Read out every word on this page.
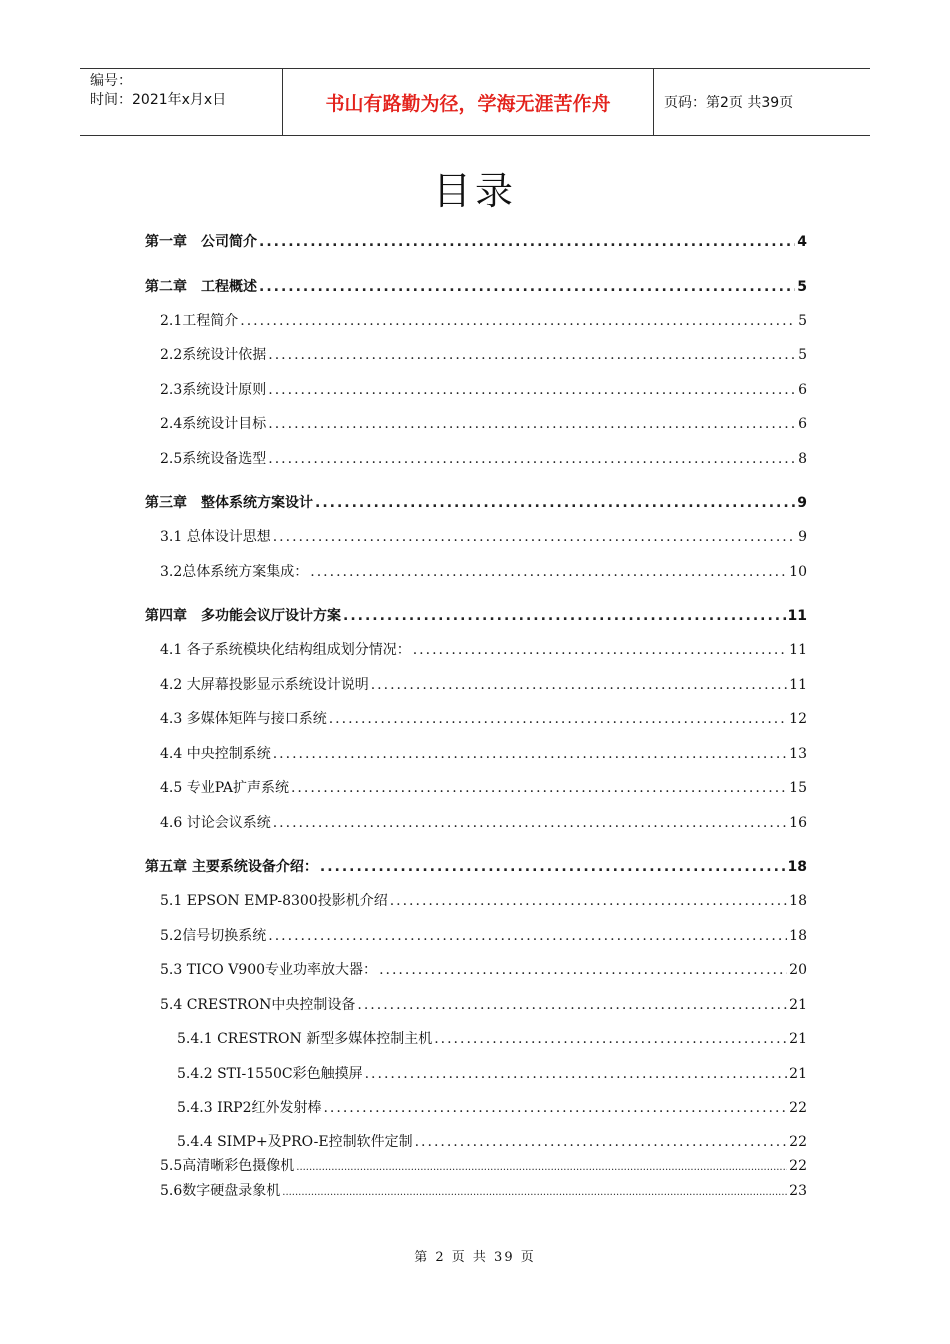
编号：
时间：2021年x月x日	书山有路勤为径，学海无涯苦作舟	页码：第2页 共39页
目录
第一章　公司简介 .....	4
第二章　工程概述 .....	5
2.1工程简介 .....	5
2.2系统设计依据 .....	5
2.3系统设计原则 .....	6
2.4系统设计目标 .....	6
2.5系统设备选型 .....	8
第三章　整体系统方案设计 .....	9
3.1 总体设计思想 .....	9
3.2总体系统方案集成： .....	10
第四章　多功能会议厅设计方案 .....	11
4.1 各子系统模块化结构组成划分情况： .....	11
4.2 大屏幕投影显示系统设计说明 .....	11
4.3 多媒体矩阵与接口系统 .....	12
4.4 中央控制系统 .....	13
4.5 专业PA扩声系统 .....	15
4.6 讨论会议系统 .....	16
第五章 主要系统设备介绍： .....	18
5.1 EPSON EMP-8300投影机介绍 .....	18
5.2信号切换系统 .....	18
5.3 TICO V900专业功率放大器： .....	20
5.4 CRESTRON中央控制设备 .....	21
5.4.1 CRESTRON 新型多媒体控制主机 .....	21
5.4.2 STI-1550C彩色触摸屏 .....	21
5.4.3 IRP2红外发射棒 .....	22
5.4.4 SIMP+及PRO-E控制软件定制 .....	22
5.5高清晰彩色摄像机 .....	22
5.6数字硬盘录象机 .....	23
第 2 页 共 39 页
